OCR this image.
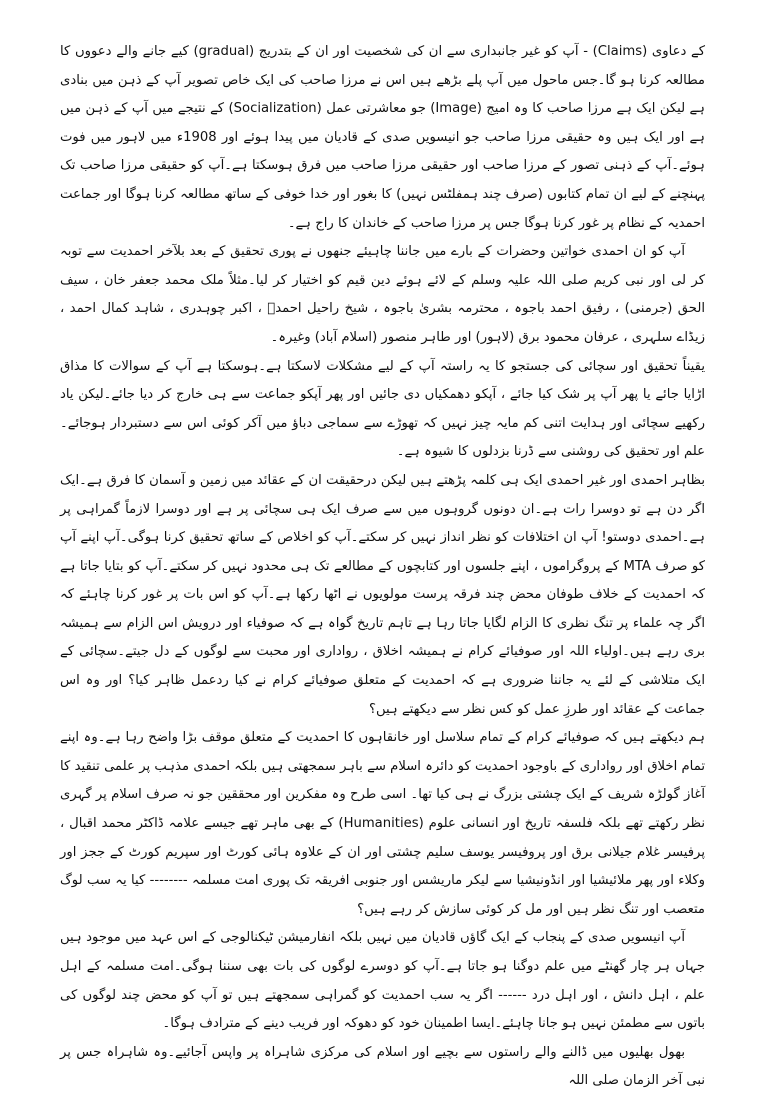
کے دعاوی (Claims) - آپ کو غیر جانبداری سے ان کی شخصیت اور ان کے بتدریج (gradual) کیے جانے والے دعووں کا مطالعہ کرنا ہو گا۔جس ماحول میں آپ پلے بڑھے ہیں اس نے مرزا صاحب کی ایک خاص تصویر آپ کے ذہن میں بنادی ہے لیکن ایک ہے مرزا صاحب کا وہ امیج (Image) جو معاشرتی عمل (Socialization) کے نتیجے میں آپ کے ذہن میں ہے اور ایک ہیں وہ حقیقی مرزا صاحب جو انیسویں صدی کے قادیان میں پیدا ہوئے اور 1908ء میں لاہور میں فوت ہوئے۔آپ کے ذہنی تصور کے مرزا صاحب اور حقیقی مرزا صاحب میں فرق ہوسکتا ہے۔آپ کو حقیقی مرزا صاحب تک پہنچنے کے لیے ان تمام کتابوں (صرف چند ہمفلٹس نہیں) کا بغور اور خدا خوفی کے ساتھ مطالعہ کرنا ہوگا اور جماعت احمدیہ کے نظام پر غور کرنا ہوگا جس پر مرزا صاحب کے خاندان کا راج ہے۔

آپ کو ان احمدی خواتین وحضرات کے بارے میں جاننا چاہیئے جنھوں نے پوری تحقیق کے بعد بلآخر احمدیت سے توبہ کر لی اور نبی کریم صلی اللہ علیہ وسلم کے لائے ہوئے دین قیم کو اختیار کر لیا۔مثلاً ملک محمد جعفر خان ، سیف الحق (جرمنی) ، رفیق احمد باجوہ ، محترمہ بشریٰ باجوہ ، شیخ راحیل احمدؒ ، اکبر چوہدری ، شاہد کمال احمد ، زیڈاے سلہری ، عرفان محمود برق (لاہور) اور طاہر منصور (اسلام آباد) وغیرہ۔

یقیناً تحقیق اور سچائی کی جستجو کا یہ راستہ آپ کے لیے مشکلات لاسکتا ہے۔ہوسکتا ہے آپ کے سوالات کا مذاق اڑایا جائے یا پھر آپ پر شک کیا جائے ، آپکو دھمکیاں دی جائیں اور پھر آپکو جماعت سے ہی خارج کر دیا جائے۔لیکن یاد رکھیے سچائی اور ہدایت اتنی کم مایہ چیز نہیں کہ تھوڑے سے سماجی دباؤ میں آکر کوئی اس سے دستبردار ہوجائے۔علم اور تحقیق کی روشنی سے ڈرنا بزدلوں کا شیوہ ہے۔

بظاہر احمدی اور غیر احمدی ایک ہی کلمہ پڑھتے ہیں لیکن درحقیقت ان کے عقائد میں زمین و آسمان کا فرق ہے۔ایک اگر دن ہے تو دوسرا رات ہے۔ان دونوں گروہوں میں سے صرف ایک ہی سچائی پر ہے اور دوسرا لازماً گمراہی پر ہے۔احمدی دوستو! آپ ان اختلافات کو نظر انداز نہیں کر سکتے۔آپ کو اخلاص کے ساتھ تحقیق کرنا ہوگی۔آپ اپنے آپ کو صرف MTA کے پروگراموں ، اپنے جلسوں اور کتابچوں کے مطالعے تک ہی محدود نہیں کر سکتے۔آپ کو بتایا جاتا ہے کہ احمدیت کے خلاف طوفان محض چند فرقہ پرست مولویوں نے اٹھا رکھا ہے۔آپ کو اس بات پر غور کرنا چاہئے کہ اگر چہ علماء پر تنگ نظری کا الزام لگایا جاتا رہا ہے تاہم تاریخ گواہ ہے کہ صوفیاء اور درویش اس الزام سے ہمیشہ بری رہے ہیں۔اولیاء اللہ اور صوفیائے کرام نے ہمیشہ اخلاق ، رواداری اور محبت سے لوگوں کے دل جیتے۔سچائی کے ایک متلاشی کے لئے یہ جاننا ضروری ہے کہ احمدیت کے متعلق صوفیائے کرام نے کیا ردعمل ظاہر کیا؟ اور وہ اس جماعت کے عقائد اور طرزِ عمل کو کس نظر سے دیکھتے ہیں؟

ہم دیکھتے ہیں کہ صوفیائے کرام کے تمام سلاسل اور خانقاہوں کا احمدیت کے متعلق موقف بڑا واضح رہا ہے۔وہ اپنے تمام اخلاق اور رواداری کے باوجود احمدیت کو دائرہ اسلام سے باہر سمجھتی ہیں بلکہ احمدی مذہب پر علمی تنقید کا آغاز گولڑہ شریف کے ایک چشتی بزرگ نے ہی کیا تھا۔ اسی طرح وہ مفکرین اور محققین جو نہ صرف اسلام پر گہری نظر رکھتے تھے بلکہ فلسفہ تاریخ اور انسانی علوم (Humanities) کے بھی ماہر تھے جیسے علامہ ڈاکٹر محمد اقبال ، پرفیسر غلام جیلانی برق اور پروفیسر یوسف سلیم چشتی اور ان کے علاوہ ہائی کورٹ اور سپریم کورٹ کے ججز اور وکلاء اور پھر ملائیشیا اور انڈونیشیا سے لیکر ماریشس اور جنوبی افریقہ تک پوری امت مسلمہ -------- کیا یہ سب لوگ متعصب اور تنگ نظر ہیں اور مل کر کوئی سازش کر رہے ہیں؟

آپ انیسویں صدی کے پنجاب کے ایک گاؤں قادیان میں نہیں بلکہ انفارمیشن ٹیکنالوجی کے اس عہد میں موجود ہیں جہاں ہر چار گھنٹے میں علم دوگنا ہو جاتا ہے۔آپ کو دوسرے لوگوں کی بات بھی سننا ہوگی۔امت مسلمہ کے اہل علم ، اہل دانش ، اور اہل درد ------ اگر یہ سب احمدیت کو گمراہی سمجھتے ہیں تو آپ کو محض چند لوگوں کی باتوں سے مطمئن نہیں ہو جانا چاہئے۔ایسا اطمینان خود کو دھوکہ اور فریب دینے کے مترادف ہوگا۔

بھول بھلیوں میں ڈالنے والے راستوں سے بچیے اور اسلام کی مرکزی شاہراہ پر واپس آجائیے۔وہ شاہراہ جس پر نبی آخر الزمان صلی اللہ
